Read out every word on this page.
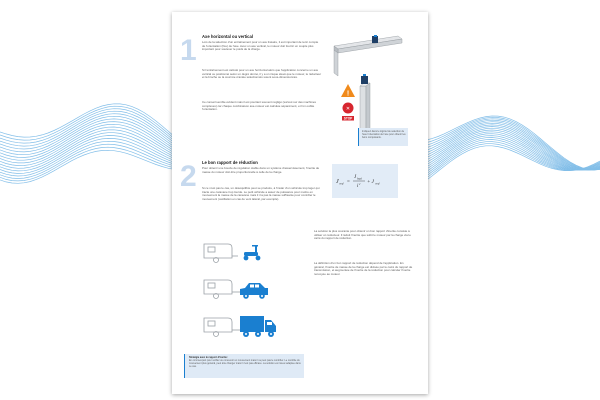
1 Axe horizontal ou vertical
Lors de la sélection d'un entraînement pour un axe linéaire, il est important de tenir compte de l'orientation (fixe) de l'axe. Avec un axe vertical, le moteur doit fournir un couple plus important pour soulever le poids de la charge.
Si l'entraînement est calculé pour un axe horizontal alors que l'application concerne un axe vertical ou positionné selon un degré donné, il y a un risque élevé que le moteur, le réducteur et la broche ou la courroie crantée sélectionnés soient sous-dimensionnés.
Ce conseil semble évident mais il est pourtant souvent négligé (surtout sur des machines complexes) car chaque combinaison axe-moteur est calculée séparément, et l'on oublie l'orientation.
!
✕
STOP
Indiquez dans le logiciel de sélection de l'axe l'orientation de l'axe pour obtenir les bons composants.
2 Le bon rapport de réduction
Pour obtenir une boucle de régulation stable dans un système d'asservissement, l'inertie de masse du moteur doit être proportionnelle à celle de la charge.
Si ce n'est pas le cas, un déséquilibre peut se produire, à l'instar d'un véhicule trop léger qui tracte une caravane trop lourde. Le petit véhicule a assez de puissance pour mettre en mouvement la masse de la caravane mais il n'a pas la masse suffisante pour contrôler le mouvement (oscillation en cas de vent latéral, par exemple).
J red =
J load
i 2 + J red
La solution la plus courante pour obtenir un bon rapport d'inertie consiste à utiliser un réducteur. Il réduit l'inertie que subit le moteur par la charge via le carré du rapport de réduction.
La définition d'un bon rapport de réduction dépend de l'application. En général, l'inertie de masse de la charge est divisée par le carré du rapport de transmission, et augmentée de l'inertie de la réduction pour calculer l'inertie renvoyée au moteur.
Stratégie avec le rapport d'inertie :
En commençant pour vérifier ou concevoir un mouvement mais il ne peut pas le contrôler. Le contrôle du mouvement plus général, peut être changer mais il n'est pas efficace. La solution est mieux adaptée dans ce cas.
